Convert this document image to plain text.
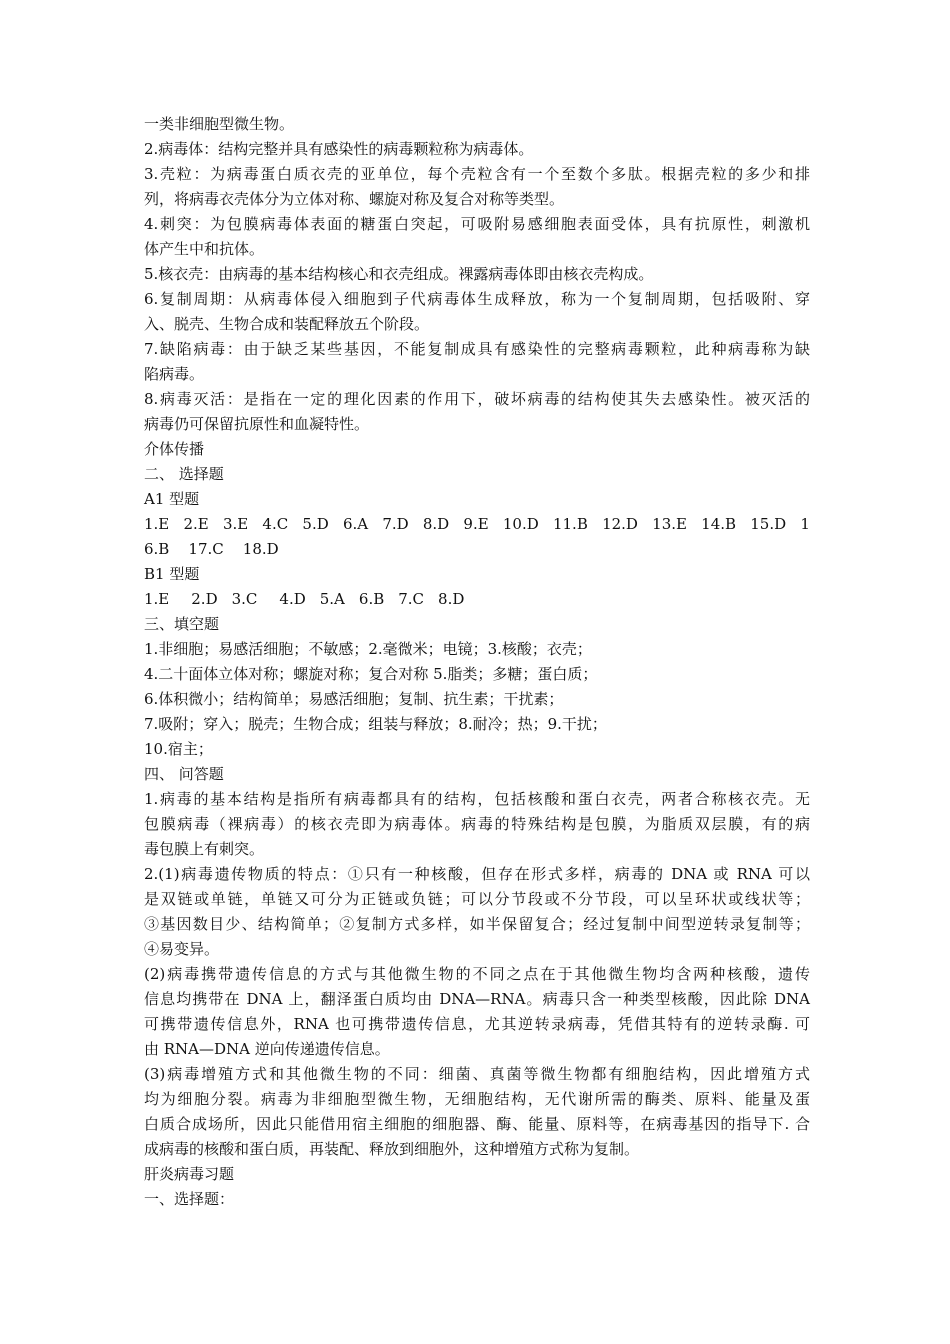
一类非细胞型微生物。
2.病毒体：结构完整并具有感染性的病毒颗粒称为病毒体。
3.壳粒：为病毒蛋白质衣壳的亚单位，每个壳粒含有一个至数个多肽。根据壳粒的多少和排
列，将病毒衣壳体分为立体对称、螺旋对称及复合对称等类型。
4.刺突：为包膜病毒体表面的糖蛋白突起，可吸附易感细胞表面受体，具有抗原性，刺激机
体产生中和抗体。
5.核衣壳：由病毒的基本结构核心和衣壳组成。裸露病毒体即由核衣壳构成。
6.复制周期：从病毒体侵入细胞到子代病毒体生成释放，称为一个复制周期，包括吸附、穿
入、脱壳、生物合成和装配释放五个阶段。
7.缺陷病毒：由于缺乏某些基因，不能复制成具有感染性的完整病毒颗粒，此种病毒称为缺
陷病毒。
8.病毒灭活：是指在一定的理化因素的作用下，破坏病毒的结构使其失去感染性。被灭活的
病毒仍可保留抗原性和血凝特性。
介体传播
二、 选择题
A1 型题
1.E 2.E 3.E 4.C 5.D 6.A 7.D 8.D 9.E 10.D 11.B 12.D 13.E 14.B 15.D 1
6.B    17.C    18.D
B1 型题
1.E 2.D 3.C 4.D 5.A 6.B 7.C 8.D
三、填空题
1.非细胞；易感活细胞；不敏感；2.毫微米；电镜；3.核酸；衣壳；
4.二十面体立体对称；螺旋对称；复合对称 5.脂类；多糖；蛋白质；
6.体积微小；结构简单；易感活细胞；复制、抗生素；干扰素；
7.吸附；穿入；脱壳；生物合成；组装与释放；8.耐冷；热；9.干扰；
10.宿主；
四、 问答题
1.病毒的基本结构是指所有病毒都具有的结构，包括核酸和蛋白衣壳，两者合称核衣壳。无
包膜病毒（裸病毒）的核衣壳即为病毒体。病毒的特殊结构是包膜，为脂质双层膜，有的病
毒包膜上有刺突。
2.(1)病毒遗传物质的特点：①只有一种核酸，但存在形式多样，病毒的 DNA 或 RNA 可以
是双链或单链，单链又可分为正链或负链；可以分节段或不分节段，可以呈环状或线状等；
③基因数目少、结构简单；②复制方式多样，如半保留复合；经过复制中间型逆转录复制等；
④易变异。
(2)病毒携带遗传信息的方式与其他微生物的不同之点在于其他微生物均含两种核酸，遗传
信息均携带在 DNA 上，翻泽蛋白质均由 DNA—RNA。病毒只含一种类型核酸，因此除 DNA
可携带遗传信息外，RNA 也可携带遗传信息，尤其逆转录病毒，凭借其特有的逆转录酶. 可
由 RNA—DNA 逆向传递遗传信息。
(3)病毒增殖方式和其他微生物的不同：细菌、真菌等微生物都有细胞结构，因此增殖方式
均为细胞分裂。病毒为非细胞型微生物，无细胞结构，无代谢所需的酶类、原料、能量及蛋
白质合成场所，因此只能借用宿主细胞的细胞器、酶、能量、原料等，在病毒基因的指导下. 合
成病毒的核酸和蛋白质，再装配、释放到细胞外，这种增殖方式称为复制。
肝炎病毒习题
一、选择题：
